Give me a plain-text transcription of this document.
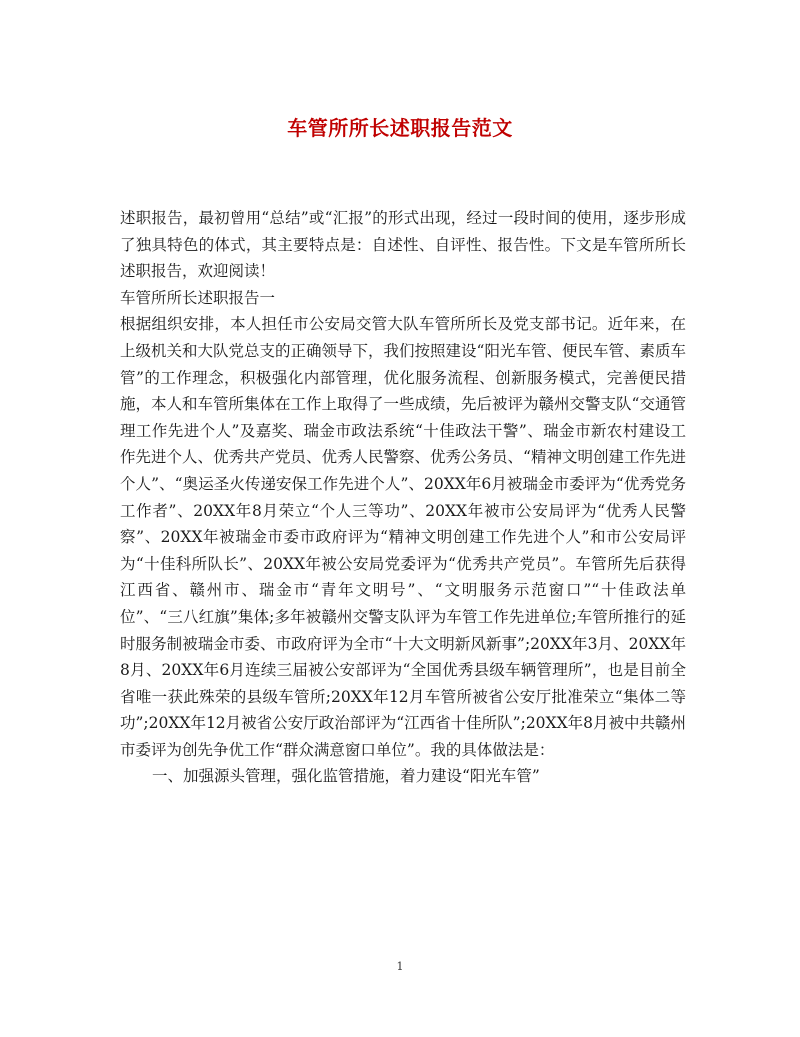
车管所所长述职报告范文

述职报告，最初曾用“总结”或“汇报”的形式出现，经过一段时间的使用，逐步形成了独具特色的体式，其主要特点是：自述性、自评性、报告性。下文是车管所所长述职报告，欢迎阅读！

车管所所长述职报告一

根据组织安排，本人担任市公安局交管大队车管所所长及党支部书记。近年来，在上级机关和大队党总支的正确领导下，我们按照建设“阳光车管、便民车管、素质车管”的工作理念，积极强化内部管理，优化服务流程、创新服务模式，完善便民措施，本人和车管所集体在工作上取得了一些成绩，先后被评为赣州交警支队“交通管理工作先进个人”及嘉奖、瑞金市政法系统“十佳政法干警”、瑞金市新农村建设工作先进个人、优秀共产党员、优秀人民警察、优秀公务员、“精神文明创建工作先进个人”、“奥运圣火传递安保工作先进个人”、20XX年6月被瑞金市委评为“优秀党务工作者”、20XX年8月荣立“个人三等功”、20XX年被市公安局评为“优秀人民警察”、20XX年被瑞金市委市政府评为“精神文明创建工作先进个人”和市公安局评为“十佳科所队长”、20XX年被公安局党委评为“优秀共产党员”。车管所先后获得江西省、赣州市、瑞金市“青年文明号”、“文明服务示范窗口”“十佳政法单位”、“三八红旗”集体;多年被赣州交警支队评为车管工作先进单位;车管所推行的延时服务制被瑞金市委、市政府评为全市“十大文明新风新事”;20XX年3月、20XX年8月、20XX年6月连续三届被公安部评为“全国优秀县级车辆管理所”，也是目前全省唯一获此殊荣的县级车管所;20XX年12月车管所被省公安厅批准荣立“集体二等功”;20XX年12月被省公安厅政治部评为“江西省十佳所队”;20XX年8月被中共赣州市委评为创先争优工作“群众满意窗口单位”。我的具体做法是：

一、加强源头管理，强化监管措施，着力建设“阳光车管”

1
